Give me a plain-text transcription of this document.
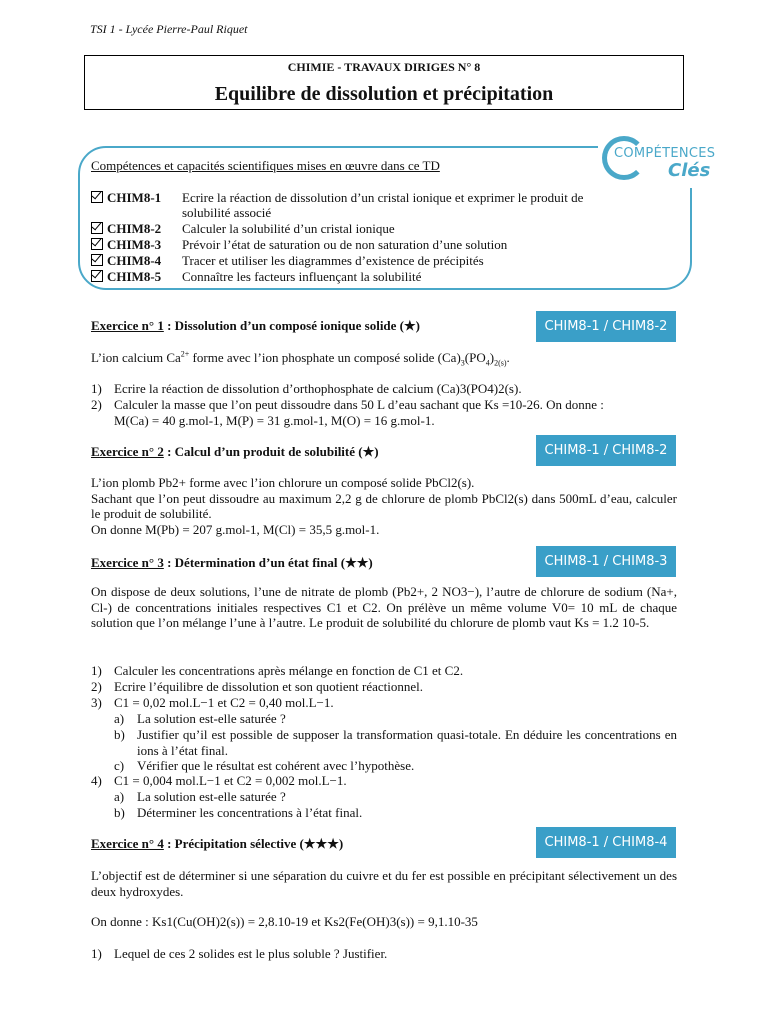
TSI 1 - Lycée Pierre-Paul Riquet
CHIMIE - TRAVAUX DIRIGES N° 8
Equilibre de dissolution et précipitation
COMPÉTENCES
Clés
Compétences et capacités scientifiques mises en œuvre dans ce TD
CHIM8-1 Ecrire la réaction de dissolution d’un cristal ionique et exprimer le produit de
solubilité associé
CHIM8-2 Calculer la solubilité d’un cristal ionique
CHIM8-3 Prévoir l’état de saturation ou de non saturation d’une solution
CHIM8-4 Tracer et utiliser les diagrammes d’existence de précipités
CHIM8-5 Connaître les facteurs influençant la solubilité
Exercice n° 1 : Dissolution d’un composé ionique solide (★)	CHIM8-1 / CHIM8-2
L’ion calcium $Ca^{2+}$ forme avec l’ion phosphate un composé solide $(Ca)_3(PO_4)_{2(s)}$.
1) Ecrire la réaction de dissolution d’orthophosphate de calcium (Ca)3(PO4)2(s).
2) Calculer la masse que l’on peut dissoudre dans 50 L d’eau sachant que Ks =10-26. On donne :
M(Ca) = 40 g.mol-1, M(P) = 31 g.mol-1, M(O) = 16 g.mol-1.
Exercice n° 2 : Calcul d’un produit de solubilité (★)	CHIM8-1 / CHIM8-2
L’ion plomb Pb2+ forme avec l’ion chlorure un composé solide PbCl2(s).
Sachant que l’on peut dissoudre au maximum 2,2 g de chlorure de plomb PbCl2(s) dans 500mL d’eau, calculer le produit de solubilité.
On donne M(Pb) = 207 g.mol-1, M(Cl) = 35,5 g.mol-1.
Exercice n° 3 : Détermination d’un état final (★★)	CHIM8-1 / CHIM8-3
On dispose de deux solutions, l’une de nitrate de plomb (Pb2+, 2 NO3−), l’autre de chlorure de sodium (Na+, Cl-) de concentrations initiales respectives C1 et C2. On prélève un même volume V0= 10 mL de chaque solution que l’on mélange l’une à l’autre. Le produit de solubilité du chlorure de plomb vaut Ks = 1.2 10-5.
1) Calculer les concentrations après mélange en fonction de C1 et C2.
2) Ecrire l’équilibre de dissolution et son quotient réactionnel.
3) C1 = 0,02 mol.L−1 et C2 = 0,40 mol.L−1.
a) La solution est-elle saturée ?
b) Justifier qu’il est possible de supposer la transformation quasi-totale. En déduire les concentrations en ions à l’état final.
c) Vérifier que le résultat est cohérent avec l’hypothèse.
4) C1 = 0,004 mol.L−1 et C2 = 0,002 mol.L−1.
a) La solution est-elle saturée ?
b) Déterminer les concentrations à l’état final.
Exercice n° 4 : Précipitation sélective (★★★)	CHIM8-1 / CHIM8-4
L’objectif est de déterminer si une séparation du cuivre et du fer est possible en précipitant sélectivement un des deux hydroxydes.
On donne : Ks1(Cu(OH)2(s)) = 2,8.10-19 et Ks2(Fe(OH)3(s)) = 9,1.10-35
1) Lequel de ces 2 solides est le plus soluble ? Justifier.
